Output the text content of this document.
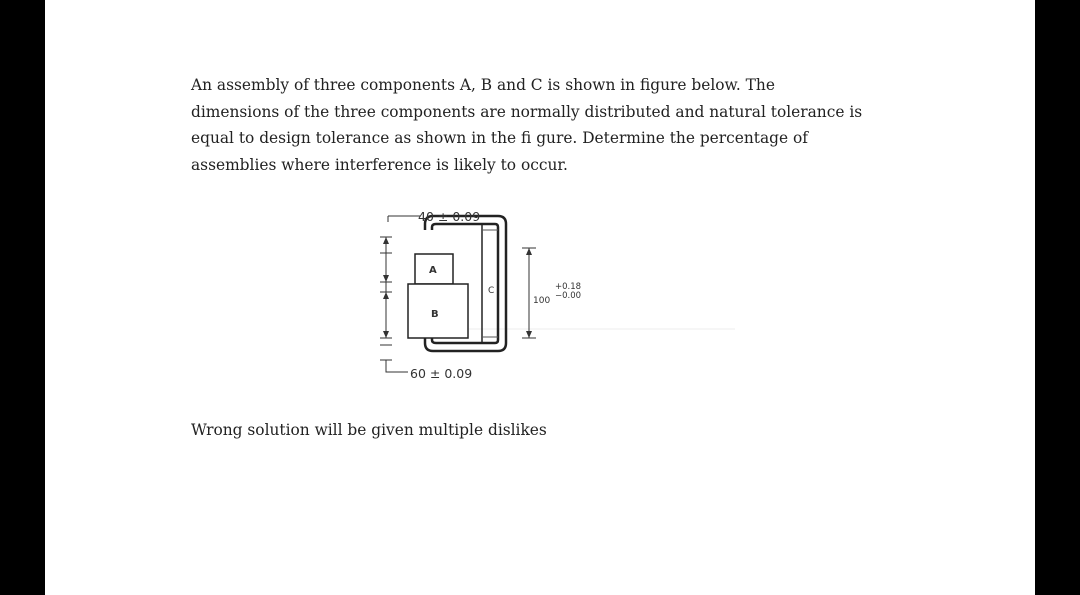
An assembly of three components A, B and C is shown in figure below. The
dimensions of the three components are normally distributed and natural tolerance is
equal to design tolerance as shown in the fi gure. Determine the percentage of
assemblies where interference is likely to occur.

40 ± 0.09
60 ± 0.09
A
B
C
100
+0.18
−0.00

Wrong solution will be given multiple dislikes
